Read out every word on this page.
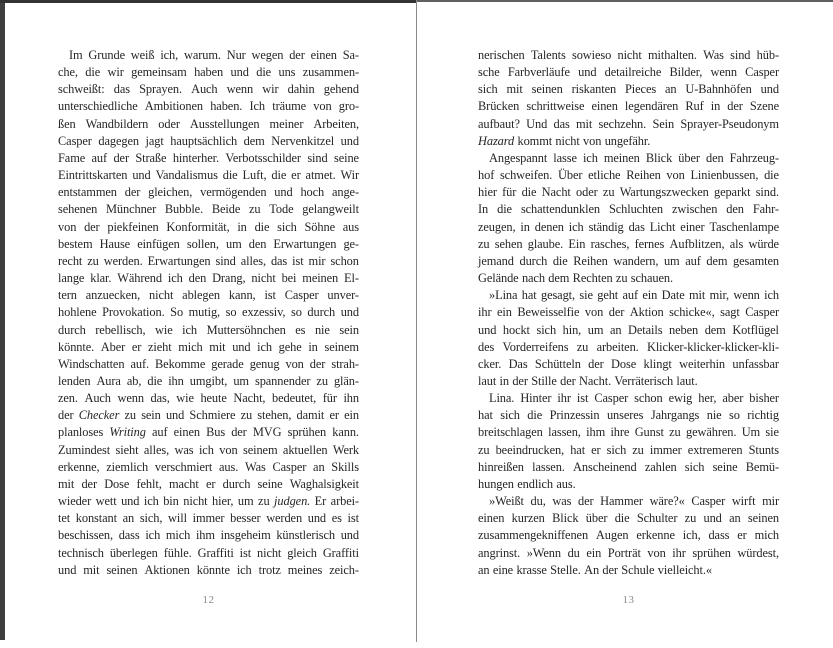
Im Grunde weiß ich, warum. Nur wegen der einen Sa-
che, die wir gemeinsam haben und die uns zusammen-
schweißt: das Sprayen. Auch wenn wir dahin gehend
unterschiedliche Ambitionen haben. Ich träume von gro-
ßen Wandbildern oder Ausstellungen meiner Arbeiten,
Casper dagegen jagt hauptsächlich dem Nervenkitzel und
Fame auf der Straße hinterher. Verbotsschilder sind seine
Eintrittskarten und Vandalismus die Luft, die er atmet. Wir
entstammen der gleichen, vermögenden und hoch ange-
sehenen Münchner Bubble. Beide zu Tode gelangweilt
von der piekfeinen Konformität, in die sich Söhne aus
bestem Hause einfügen sollen, um den Erwartungen ge-
recht zu werden. Erwartungen sind alles, das ist mir schon
lange klar. Während ich den Drang, nicht bei meinen El-
tern anzuecken, nicht ablegen kann, ist Casper unver-
hohlene Provokation. So mutig, so exzessiv, so durch und
durch rebellisch, wie ich Muttersöhnchen es nie sein
könnte. Aber er zieht mich mit und ich gehe in seinem
Windschatten auf. Bekomme gerade genug von der strah-
lenden Aura ab, die ihn umgibt, um spannender zu glän-
zen. Auch wenn das, wie heute Nacht, bedeutet, für ihn
der Checker zu sein und Schmiere zu stehen, damit er ein
planloses Writing auf einen Bus der MVG sprühen kann.
Zumindest sieht alles, was ich von seinem aktuellen Werk
erkenne, ziemlich verschmiert aus. Was Casper an Skills
mit der Dose fehlt, macht er durch seine Waghalsigkeit
wieder wett und ich bin nicht hier, um zu judgen. Er arbei-
tet konstant an sich, will immer besser werden und es ist
beschissen, dass ich mich ihm insgeheim künstlerisch und
technisch überlegen fühle. Graffiti ist nicht gleich Graffiti
und mit seinen Aktionen könnte ich trotz meines zeich-
12
nerischen Talents sowieso nicht mithalten. Was sind hüb-
sche Farbverläufe und detailreiche Bilder, wenn Casper
sich mit seinen riskanten Pieces an U-Bahnhöfen und
Brücken schrittweise einen legendären Ruf in der Szene
aufbaut? Und das mit sechzehn. Sein Sprayer-Pseudonym
Hazard kommt nicht von ungefähr.
Angespannt lasse ich meinen Blick über den Fahrzeug-
hof schweifen. Über etliche Reihen von Linienbussen, die
hier für die Nacht oder zu Wartungszwecken geparkt sind.
In die schattendunklen Schluchten zwischen den Fahr-
zeugen, in denen ich ständig das Licht einer Taschenlampe
zu sehen glaube. Ein rasches, fernes Aufblitzen, als würde
jemand durch die Reihen wandern, um auf dem gesamten
Gelände nach dem Rechten zu schauen.
»Lina hat gesagt, sie geht auf ein Date mit mir, wenn ich
ihr ein Beweisselfie von der Aktion schicke«, sagt Casper
und hockt sich hin, um an Details neben dem Kotflügel
des Vorderreifens zu arbeiten. Klicker-klicker-klicker-kli-
cker. Das Schütteln der Dose klingt weiterhin unfassbar
laut in der Stille der Nacht. Verräterisch laut.
Lina. Hinter ihr ist Casper schon ewig her, aber bisher
hat sich die Prinzessin unseres Jahrgangs nie so richtig
breitschlagen lassen, ihm ihre Gunst zu gewähren. Um sie
zu beeindrucken, hat er sich zu immer extremeren Stunts
hinreißen lassen. Anscheinend zahlen sich seine Bemü-
hungen endlich aus.
»Weißt du, was der Hammer wäre?« Casper wirft mir
einen kurzen Blick über die Schulter zu und an seinen
zusammengekniffenen Augen erkenne ich, dass er mich
angrinst. »Wenn du ein Porträt von ihr sprühen würdest,
an eine krasse Stelle. An der Schule vielleicht.«
13
